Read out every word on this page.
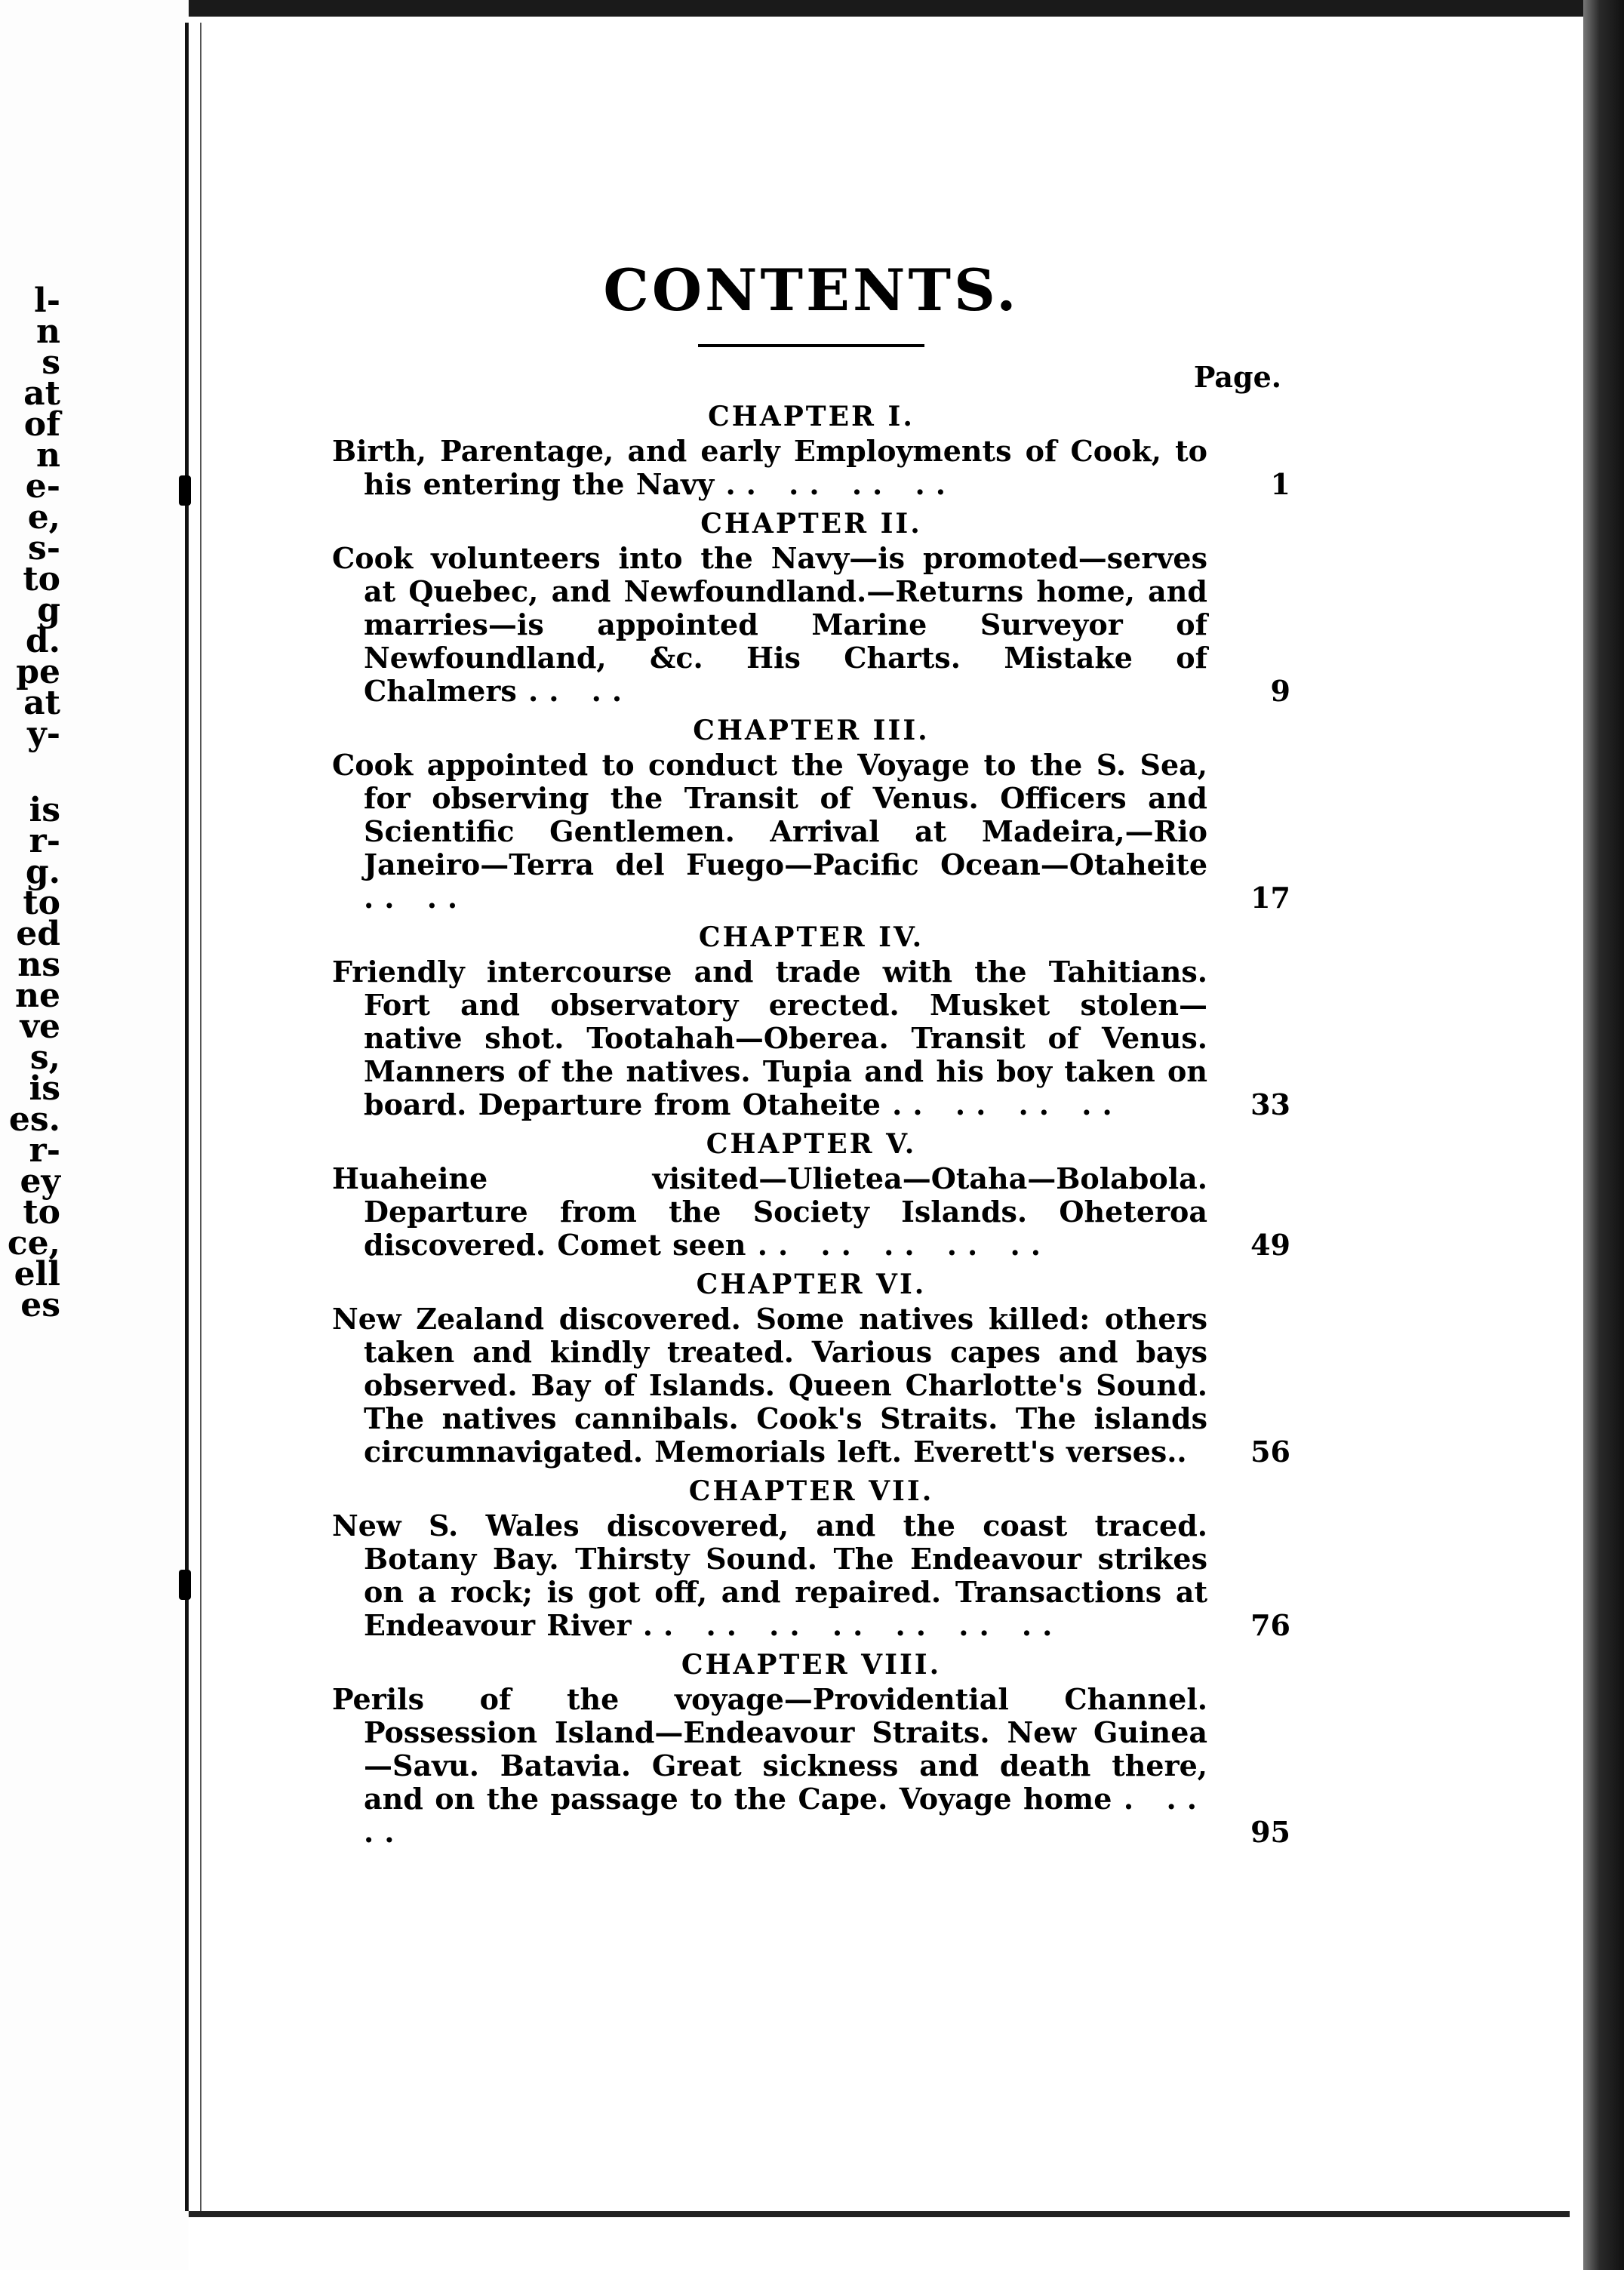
l-
n
s
at
of
n
e-
e,
s-
to
g
d.
pe
at
y-
is
r-
g.
to
ed
ns
ne
ve
s,
is
es.
r-
ey
to
ce,
ell
es
CONTENTS.
Page.
CHAPTER I.
Birth, Parentage, and early Employments of Cook, to his entering the Navy .. .. .. ..	1
CHAPTER II.
Cook volunteers into the Navy—is promoted—serves at Quebec, and Newfoundland.—Returns home, and marries—is appointed Marine Surveyor of Newfoundland, &c. His Charts. Mistake of Chalmers .. ..	9
CHAPTER III.
Cook appointed to conduct the Voyage to the S. Sea, for observing the Transit of Venus. Officers and Scientific Gentlemen. Arrival at Madeira,—Rio Janeiro—Terra del Fuego—Pacific Ocean—Otaheite .. ..	17
CHAPTER IV.
Friendly intercourse and trade with the Tahitians. Fort and observatory erected. Musket stolen—native shot. Tootahah—Oberea. Transit of Venus. Manners of the natives. Tupia and his boy taken on board. Departure from Otaheite .. .. .. ..	33
CHAPTER V.
Huaheine visited—Ulietea—Otaha—Bolabola. Departure from the Society Islands. Oheteroa discovered. Comet seen .. .. .. .. ..	49
CHAPTER VI.
New Zealand discovered. Some natives killed: others taken and kindly treated. Various capes and bays observed. Bay of Islands. Queen Charlotte's Sound. The natives cannibals. Cook's Straits. The islands circumnavigated. Memorials left. Everett's verses..	56
CHAPTER VII.
New S. Wales discovered, and the coast traced. Botany Bay. Thirsty Sound. The Endeavour strikes on a rock; is got off, and repaired. Transactions at Endeavour River .. .. .. .. .. .. ..	76
CHAPTER VIII.
Perils of the voyage—Providential Channel. Possession Island—Endeavour Straits. New Guinea—Savu. Batavia. Great sickness and death there, and on the passage to the Cape. Voyage home . .. ..	95
